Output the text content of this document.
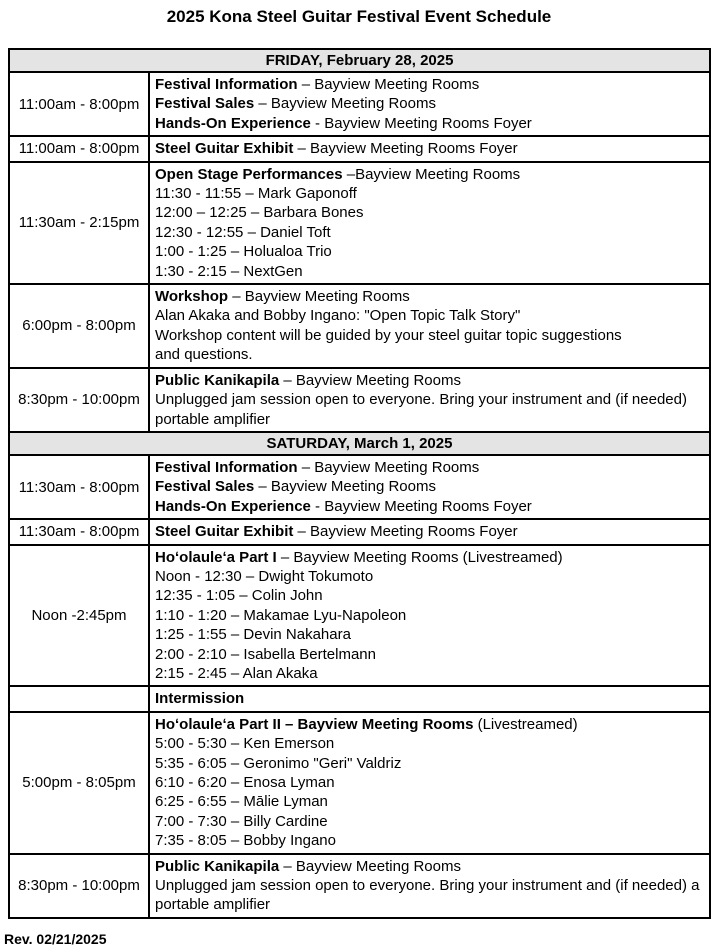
2025 Kona Steel Guitar Festival Event Schedule
FRIDAY, February 28, 2025	
11:00am - 8:00pm	Festival Information – Bayview Meeting Rooms
Festival Sales – Bayview Meeting Rooms
Hands-On Experience - Bayview Meeting Rooms Foyer

11:00am - 8:00pm	Steel Guitar Exhibit – Bayview Meeting Rooms Foyer

11:30am - 2:15pm	
Open Stage Performances –Bayview Meeting Rooms
11:30 - 11:55 – Mark Gaponoff
12:00 – 12:25 – Barbara Bones
12:30 - 12:55 – Daniel Toft
1:00 - 1:25 – Holualoa Trio
1:30 - 2:15 – NextGen

6:00pm - 8:00pm	Workshop – Bayview Meeting Rooms
Alan Akaka and Bobby Ingano: "Open Topic Talk Story"
Workshop content will be guided by your steel guitar topic suggestions
and questions.

8:30pm - 10:00pm	Public Kanikapila – Bayview Meeting Rooms
Unplugged jam session open to everyone. Bring your instrument and (if needed)
portable amplifier

SATURDAY, March 1, 2025	
11:30am - 8:00pm	Festival Information – Bayview Meeting Rooms
Festival Sales – Bayview Meeting Rooms
Hands-On Experience - Bayview Meeting Rooms Foyer

11:30am - 8:00pm	Steel Guitar Exhibit – Bayview Meeting Rooms Foyer

Noon -2:45pm	
Hoʻolauleʻa Part I – Bayview Meeting Rooms (Livestreamed)
Noon - 12:30 – Dwight Tokumoto
12:35 - 1:05 – Colin John
1:10 - 1:20 – Makamae Lyu-Napoleon
1:25 - 1:55 – Devin Nakahara
2:00 - 2:10 – Isabella Bertelmann
2:15 - 2:45 – Alan Akaka

	Intermission

5:00pm - 8:05pm	
Hoʻolauleʻa Part II – Bayview Meeting Rooms (Livestreamed)
5:00 - 5:30 – Ken Emerson
5:35 - 6:05 – Geronimo "Geri" Valdriz
6:10 - 6:20 – Enosa Lyman
6:25 - 6:55 – Mālie Lyman
7:00 - 7:30 – Billy Cardine
7:35 - 8:05 – Bobby Ingano

8:30pm - 10:00pm	Public Kanikapila – Bayview Meeting Rooms
Unplugged jam session open to everyone. Bring your instrument and (if needed) a
portable amplifier
Rev. 02/21/2025
